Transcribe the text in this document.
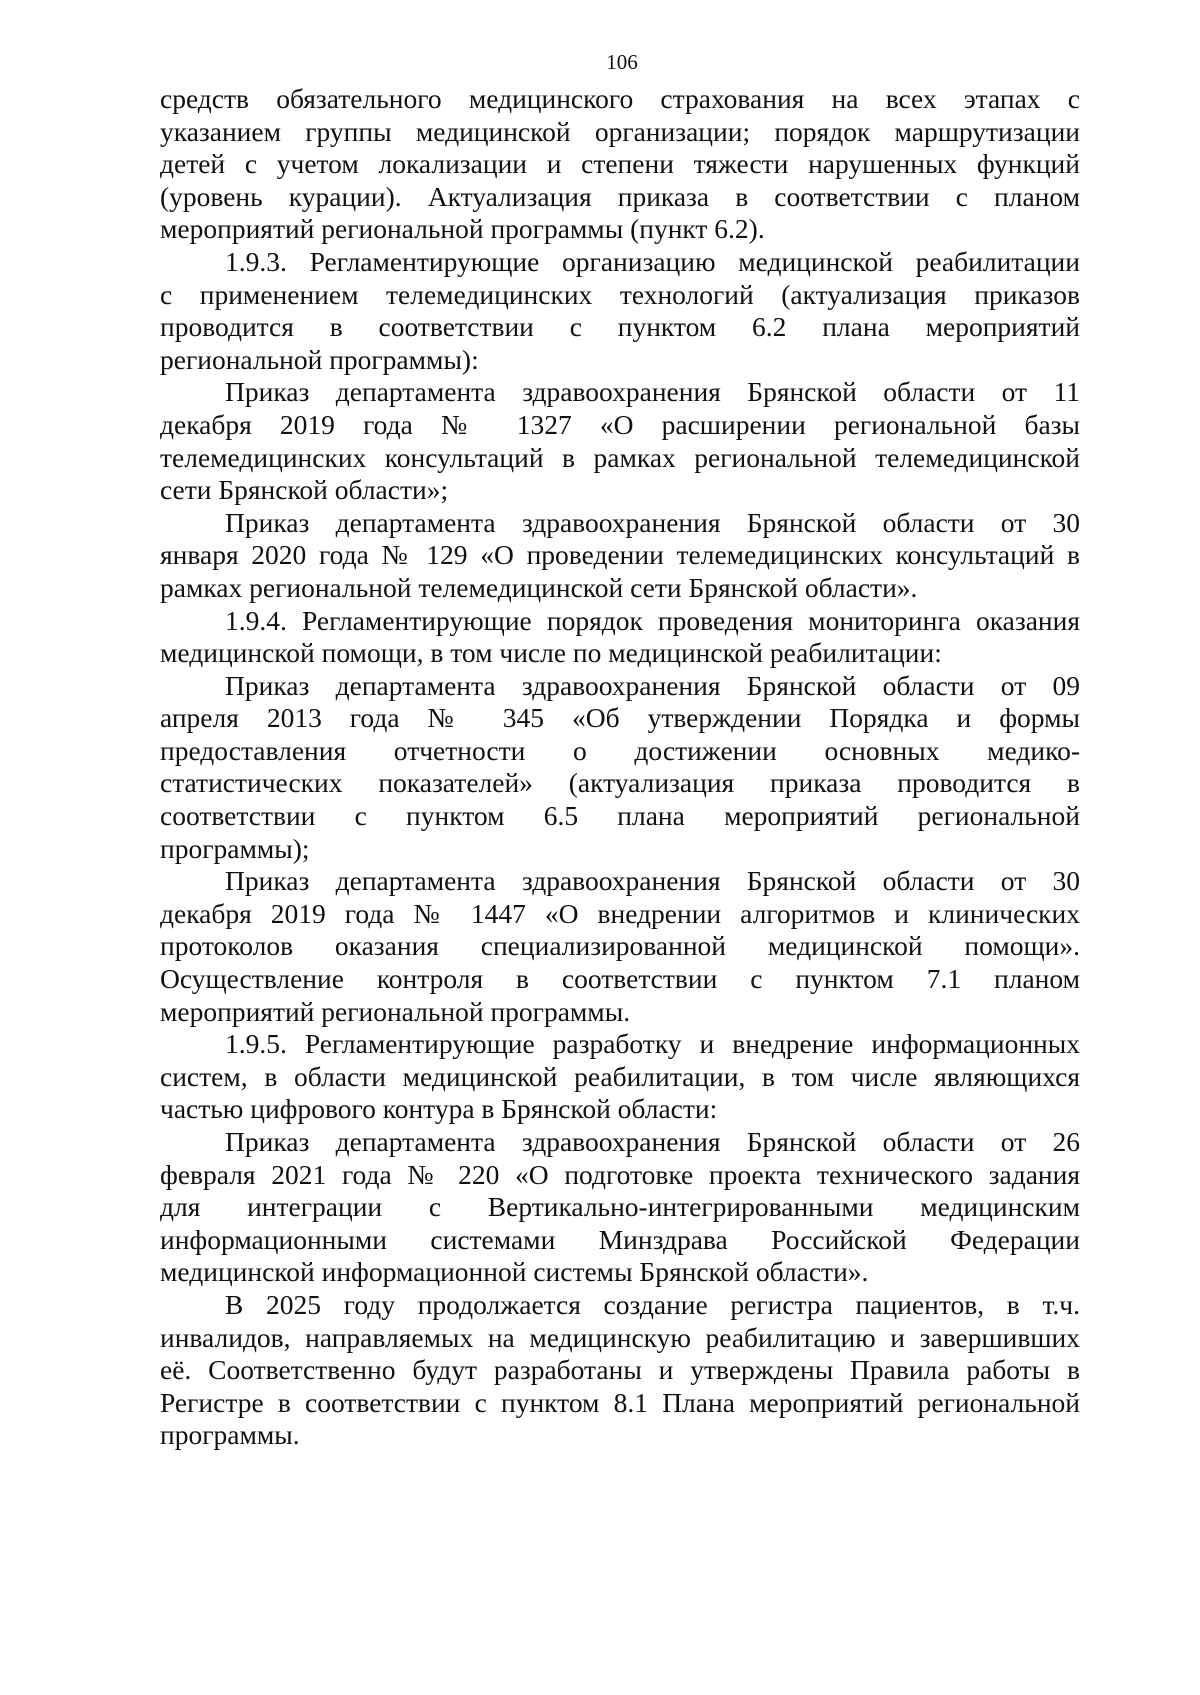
106
средств обязательного медицинского страхования на всех этапах с
указанием группы медицинской организации; порядок маршрутизации
детей с учетом локализации и степени тяжести нарушенных функций
(уровень курации). Актуализация приказа в соответствии с планом
мероприятий региональной программы (пункт 6.2).
1.9.3. Регламентирующие организацию медицинской реабилитации
с применением телемедицинских технологий (актуализация приказов
проводится в соответствии с пунктом 6.2 плана мероприятий
региональной программы):
Приказ департамента здравоохранения Брянской области от 11
декабря 2019 года № 1327 «О расширении региональной базы
телемедицинских консультаций в рамках региональной телемедицинской
сети Брянской области»;
Приказ департамента здравоохранения Брянской области от 30
января 2020 года № 129 «О проведении телемедицинских консультаций в
рамках региональной телемедицинской сети Брянской области».
1.9.4. Регламентирующие порядок проведения мониторинга оказания
медицинской помощи, в том числе по медицинской реабилитации:
Приказ департамента здравоохранения Брянской области от 09
апреля 2013 года № 345 «Об утверждении Порядка и формы
предоставления отчетности о достижении основных медико-
статистических показателей» (актуализация приказа проводится в
соответствии с пунктом 6.5 плана мероприятий региональной
программы);
Приказ департамента здравоохранения Брянской области от 30
декабря 2019 года № 1447 «О внедрении алгоритмов и клинических
протоколов оказания специализированной медицинской помощи».
Осуществление контроля в соответствии с пунктом 7.1 планом
мероприятий региональной программы.
1.9.5. Регламентирующие разработку и внедрение информационных
систем, в области медицинской реабилитации, в том числе являющихся
частью цифрового контура в Брянской области:
Приказ департамента здравоохранения Брянской области от 26
февраля 2021 года № 220 «О подготовке проекта технического задания
для интеграции с Вертикально-интегрированными медицинским
информационными системами Минздрава Российской Федерации
медицинской информационной системы Брянской области».
В 2025 году продолжается создание регистра пациентов, в т.ч.
инвалидов, направляемых на медицинскую реабилитацию и завершивших
её. Соответственно будут разработаны и утверждены Правила работы в
Регистре в соответствии с пунктом 8.1 Плана мероприятий региональной
программы.
